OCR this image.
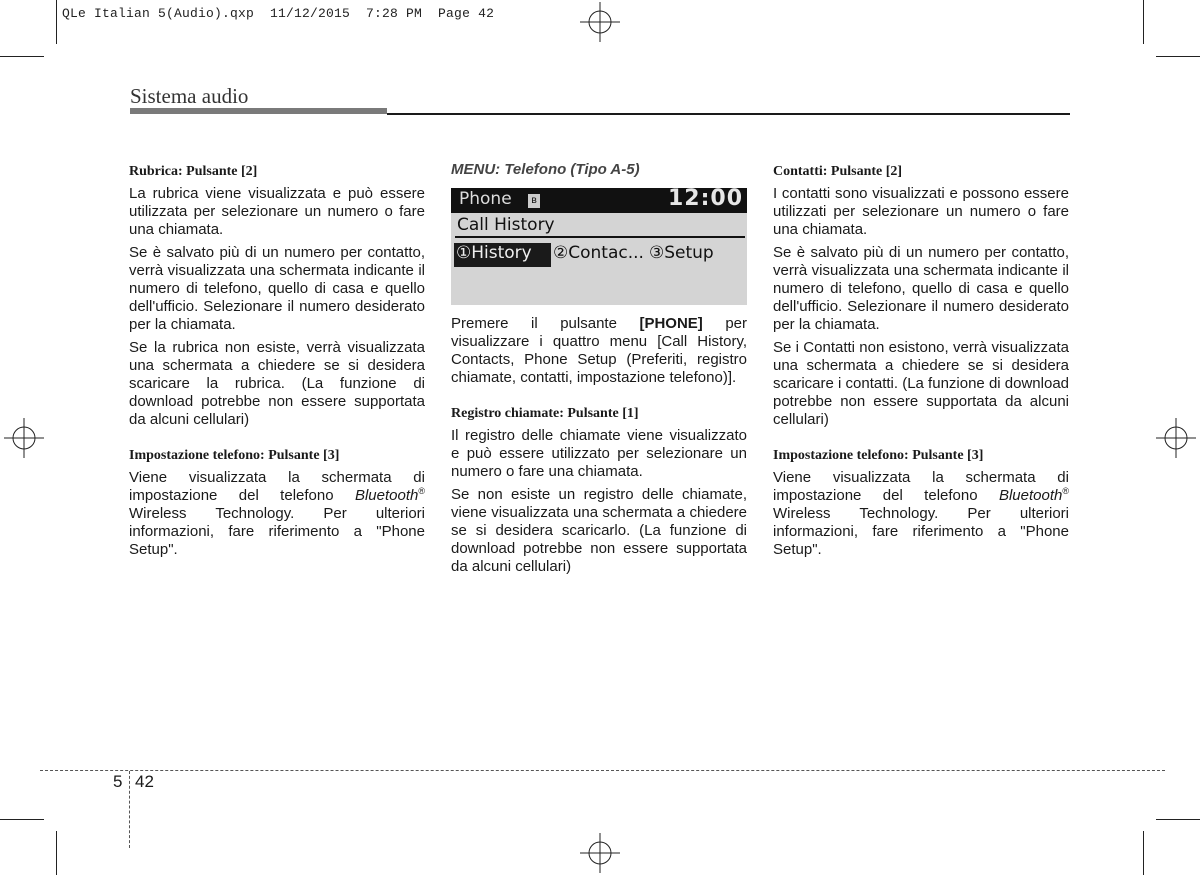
QLe Italian 5(Audio).qxp  11/12/2015  7:28 PM  Page 42
Sistema audio
Rubrica: Pulsante [2]

La rubrica viene visualizzata e può essere utilizzata per selezionare un numero o fare una chiamata.

Se è salvato più di un numero per contatto, verrà visualizzata una schermata indicante il numero di telefono, quello di casa e quello dell'ufficio. Selezionare il numero desiderato per la chiamata.

Se la rubrica non esiste, verrà visualizzata una schermata a chiedere se si desidera scaricare la rubrica. (La funzione di download potrebbe non essere supportata da alcuni cellulari)

Impostazione telefono: Pulsante [3]

Viene visualizzata la schermata di impostazione del telefono Bluetooth® Wireless Technology. Per ulteriori informazioni, fare riferimento a "Phone Setup".

MENU: Telefono (Tipo A-5)
Phone	ʙ	12:00
Call History
①History ②Contac... ③Setup

Premere il pulsante [PHONE] per visualizzare i quattro menu [Call History, Contacts, Phone Setup (Preferiti, registro chiamate, contatti, impostazione telefono)].

Registro chiamate: Pulsante [1]

Il registro delle chiamate viene visualizzato e può essere utilizzato per selezionare un numero o fare una chiamata.

Se non esiste un registro delle chiamate, viene visualizzata una schermata a chiedere se si desidera scaricarlo. (La funzione di download potrebbe non essere supportata da alcuni cellulari)

Contatti: Pulsante [2]

I contatti sono visualizzati e possono essere utilizzati per selezionare un numero o fare una chiamata.

Se è salvato più di un numero per contatto, verrà visualizzata una schermata indicante il numero di telefono, quello di casa e quello dell'ufficio. Selezionare il numero desiderato per la chiamata.

Se i Contatti non esistono, verrà visualizzata una schermata a chiedere se si desidera scaricare i contatti. (La funzione di download potrebbe non essere supportata da alcuni cellulari)

Impostazione telefono: Pulsante [3]

Viene visualizzata la schermata di impostazione del telefono Bluetooth® Wireless Technology. Per ulteriori informazioni, fare riferimento a "Phone Setup".

5 42
